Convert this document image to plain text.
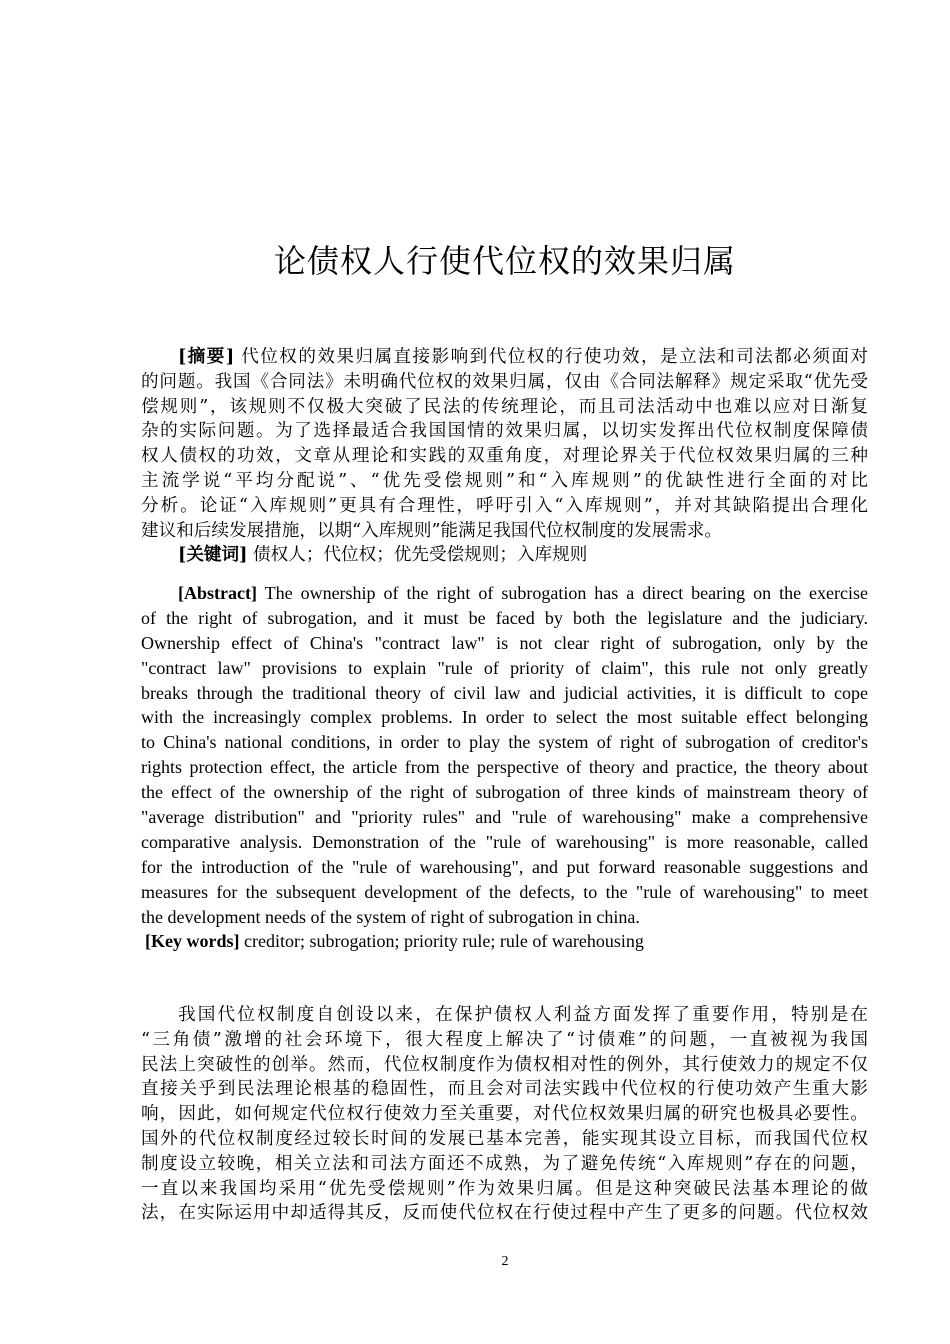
论债权人行使代位权的效果归属
[摘要] 代位权的效果归属直接影响到代位权的行使功效，是立法和司法都必须面对
的问题。我国《合同法》未明确代位权的效果归属，仅由《合同法解释》规定采取“优先受
偿规则”，该规则不仅极大突破了民法的传统理论，而且司法活动中也难以应对日渐复
杂的实际问题。为了选择最适合我国国情的效果归属，以切实发挥出代位权制度保障债
权人债权的功效，文章从理论和实践的双重角度，对理论界关于代位权效果归属的三种
主流学说“平均分配说”、“优先受偿规则”和“入库规则”的优缺性进行全面的对比
分析。论证“入库规则”更具有合理性，呼吁引入“入库规则”，并对其缺陷提出合理化
建议和后续发展措施，以期“入库规则”能满足我国代位权制度的发展需求。
[关键词] 债权人；代位权；优先受偿规则；入库规则
[Abstract] The ownership of the right of subrogation has a direct bearing on the exercise
of the right of subrogation, and it must be faced by both the legislature and the judiciary.
Ownership effect of China's "contract law" is not clear right of subrogation, only by the
"contract law" provisions to explain "rule of priority of claim", this rule not only greatly
breaks through the traditional theory of civil law and judicial activities, it is difficult to cope
with the increasingly complex problems. In order to select the most suitable effect belonging
to China's national conditions, in order to play the system of right of subrogation of creditor's
rights protection effect, the article from the perspective of theory and practice, the theory about
the effect of the ownership of the right of subrogation of three kinds of mainstream theory of
"average distribution" and "priority rules" and "rule of warehousing" make a comprehensive
comparative analysis. Demonstration of the "rule of warehousing" is more reasonable, called
for the introduction of the "rule of warehousing", and put forward reasonable suggestions and
measures for the subsequent development of the defects, to the "rule of warehousing" to meet
the development needs of the system of right of subrogation in china.
[Key words] creditor; subrogation; priority rule; rule of warehousing
我国代位权制度自创设以来，在保护债权人利益方面发挥了重要作用，特别是在
“三角债”激增的社会环境下，很大程度上解决了“讨债难”的问题，一直被视为我国
民法上突破性的创举。然而，代位权制度作为债权相对性的例外，其行使效力的规定不仅
直接关乎到民法理论根基的稳固性，而且会对司法实践中代位权的行使功效产生重大影
响，因此，如何规定代位权行使效力至关重要，对代位权效果归属的研究也极具必要性。
国外的代位权制度经过较长时间的发展已基本完善，能实现其设立目标，而我国代位权
制度设立较晚，相关立法和司法方面还不成熟，为了避免传统“入库规则”存在的问题，
一直以来我国均采用“优先受偿规则”作为效果归属。但是这种突破民法基本理论的做
法，在实际运用中却适得其反，反而使代位权在行使过程中产生了更多的问题。代位权效
2
